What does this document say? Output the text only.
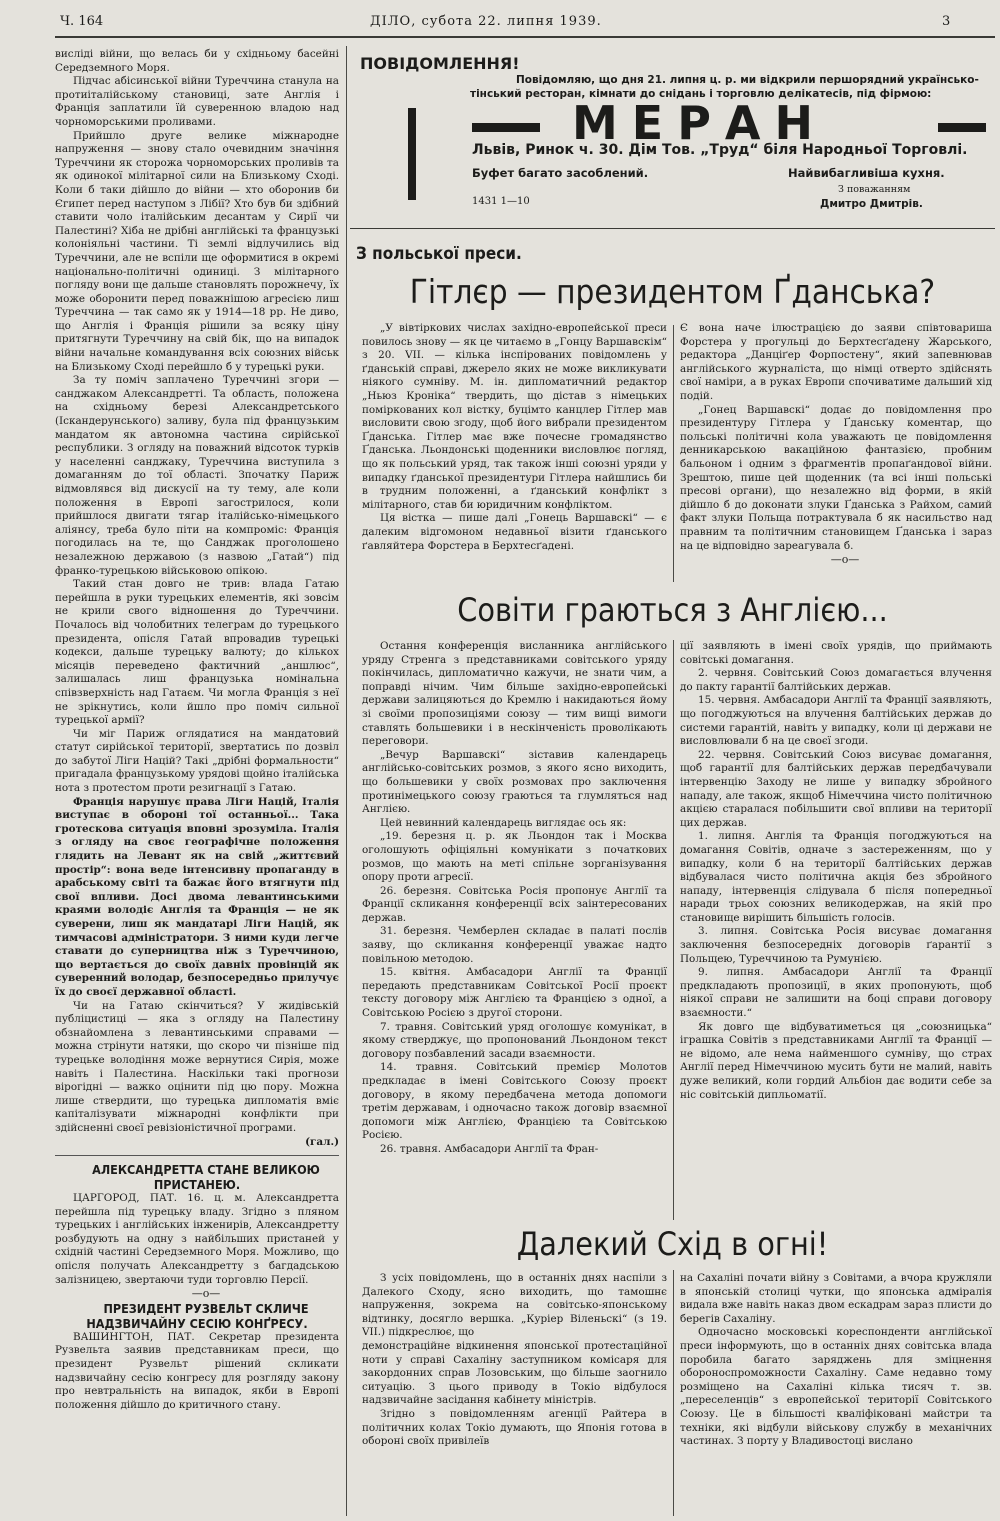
Ч. 164	ДІЛО, субота 22. липня 1939.	3

висліді війни, що велась би у східньому басейні Середземного Моря.

Підчас абісинської війни Туреччина станула на протиіталійському становиці, зате Англія і Франція заплатили їй суверенною владою над чорноморськими проливами.

Прийшло друге велике міжнародне напруження — знову стало очевидним значіння Туреччини як сторожа чорноморських проливів та як одинокої мілітарної сили на Близькому Сході. Коли б таки дійшло до війни — хто оборонив би Єгипет перед наступом з Лібії? Хто був би здібний ставити чоло італійським десантам у Сирії чи Палестині? Хіба не дрібні англійські та французькі колоніяльні частини. Ті землі відлучились від Туреччини, але не вспіли ще оформитися в окремі національно-політичні одиниці. З мілітарного погляду вони ще дальше становлять порожнечу, їх може оборонити перед поважнішою агресією лиш Туреччина — так само як у 1914—18 рр. Не диво, що Англія і Франція рішили за всяку ціну притягнути Туреччину на свій бік, що на випадок війни начальне командування всіх союзних військ на Близькому Сході перейшло б у турецькі руки.

За ту поміч заплачено Туреччині згори — санджаком Александретті. Та область, положена на східньому березі Александретського (Іскандерунського) заливу, була під французьким мандатом як автономна частина сирійської республики. З огляду на поважний відсоток турків у населенні санджаку, Туреччина виступила з домаганням до тої області. Зпочатку Париж відмовлявся від дискусії на ту тему, але коли положення в Европі загострилося, коли прийшлося двигати тягар італійсько-німецького аліянсу, треба було піти на компроміс: Франція погодилась на те, що Санджак проголошено незалежною державою (з назвою „Гатай“) під франко-турецькою військовою опікою.

Такий стан довго не трив: влада Гатаю перейшла в руки турецьких елементів, які зовсім не крили свого відношення до Туреччини. Почалось від чолобитних телеграм до турецького президента, опісля Гатай впровадив турецькі кодекси, дальше турецьку валюту; до кількох місяців переведено фактичний „аншлюс“, залишалась лиш французька номінальна співзверхність над Гатаєм. Чи могла Франція з неї не зрікнутись, коли йшло про поміч сильної турецької армії?

Чи міг Париж оглядатися на мандатовий статут сирійської території, звертатись по дозвіл до забутої Ліги Націй? Такі „дрібні формальности“ пригадала французькому урядові щойно італійська нота з протестом проти резигнації з Гатаю.

Франція нарушує права Ліги Націй, Італія виступає в обороні тої останньої... Така гротескова ситуація вповні зрозуміла. Італія з огляду на своє географічне положення глядить на Левант як на свій „життєвий простір“: вона веде інтенсивну пропаганду в арабському світі та бажає його втягнути під свої впливи. Досі двома левантинськими краями володіє Англія та Франція — не як суверени, лиш як мандатарі Ліги Націй, як тимчасові адміністратори. З ними куди легче ставати до суперництва ніж з Туреччиною, що вертається до своїх давніх провінцій як суверенний володар, безпосередньо прилучує їх до своєї державної області.

Чи на Гатаю скінчиться? У жидівській публіцистиці — яка з огляду на Палестину обзнайомлена з левантинськими справами — можна стрінути натяки, що скоро чи пізніше під турецьке володіння може вернутися Сирія, може навіть і Палестина. Наскільки такі прогнози вірогідні — важко оцінити під цю пору. Можна лише ствердити, що турецька дипломатія вміє капіталізувати міжнародні конфлікти при здійсненні своєї ревізіоністичної програми.

(гал.)

АЛЕКСАНДРЕТТА СТАНЕ ВЕЛИКОЮ ПРИСТАНЕЮ.

ЦАРГОРОД, ПАТ. 16. ц. м. Александретта перейшла під турецьку владу. Згідно з пляном турецьких і англійських інженирів, Александретту розбудують на одну з найбільших пристаней у східній частині Середземного Моря. Можливо, що опісля получать Александретту з багдадською залізницею, звертаючи туди торговлю Персії.

—о—

ПРЕЗИДЕНТ РУЗВЕЛЬТ СКЛИЧЕ НАДЗВИЧАЙНУ СЕСІЮ КОНҐРЕСУ.

ВАШИНГТОН, ПАТ. Секретар президента Рузвельта заявив представникам преси, що президент Рузвельт рішений скликати надзвичайну сесію конгресу для розгляду закону про невтральність на випадок, якби в Европі положення дійшло до критичного стану.

ПОВІДОМЛЕННЯ!
Повідомляю, що дня 21. липня ц. р. ми відкрили першорядний українсько-
тінський ресторан, кімнати до снідань і торговлю делікатесів, під фірмою:
МЕРАН
Львів, Ринок ч. 30. Дім Тов. „Труд“ біля Народньої Торговлі.
Буфет багато засоблений.	Найвибагливіша кухня.
1431 1—10
З поважанням
Дмитро Дмитрів.
З польської преси.
Гітлєр — президентом Ґданська?

„У вівтіркових числах західно-европейської преси повилось знову — як це читаємо в „Гонцу Варшавскім“ з 20. VII. — кілька інспірованих повідомлень у ґданській справі, джерело яких не може викликувати ніякого сумніву. М. ін. дипломатичний редактор „Ньюз Кроніка“ твердить, що дістав з німецьких поміркованих кол вістку, буцімто канцлер Гітлер мав висловити свою згоду, щоб його вибрали президентом Ґданська. Гітлер має вже почесне громадянство Ґданська. Льондонські щоденники висловлює погляд, що як польський уряд, так також інші союзні уряди у випадку ґданської президентури Гітлера найшлись би в трудним положенні, а ґданський конфлікт з мілітарного, став би юридичним конфліктом.

Ця вістка — пише далі „Гонець Варшавскі“ — є далеким відгомоном недавньої візити ґданського ґавляйтера Форстера в Берхтесґадені.

Є вона наче ілюстрацією до заяви співтовариша Форстера у прогульці до Берхтесґадену Жарського, редактора „Данціґер Форпостену“, який запевнював англійського журналіста, що німці отверто здійснять свої наміри, а в руках Европи спочиватиме дальший хід подій.

„Гонец Варшавскі“ додає до повідомлення про президентуру Гітлера у Ґданську коментар, що польські політичні кола уважають це повідомлення денникарською вакаційною фантазією, пробним бальоном і одним з фрагментів пропаґандової війни. Зрештою, пише цей щоденник (та всі інші польські пресові органи), що незалежно від форми, в якій дійшло б до доконати злуки Ґданська з Райхом, самий факт злуки Польща потрактувала б як насильство над правним та політичним становищем Ґданська і зараз на це відповідно зареагувала б.

—о—

Совіти граються з Англією...

Остання конференція висланника англійського уряду Стренга з представниками совітського уряду покінчилась, дипломатично кажучи, не знати чим, а поправді нічим. Чим більше західно-европейські держави залицяються до Кремлю і накидаються йому зі своїми пропозиціями союзу — тим вищі вимоги ставлять большевики і в нескінченість проволікають переговори.

„Вечур Варшавскі“ зіставив календарець англійсько-совітських розмов, з якого ясно виходить, що большевики у своїх розмовах про заключення протинімецького союзу граються та глумляться над Англією.

Цей невинний календарець виглядає ось як:

„19. березня ц. р. як Льондон так і Москва оголошують офіціяльні комунікати з початкових розмов, що мають на меті спільне зорганізування опору проти агресії.

26. березня. Совітська Росія пропонує Англії та Франції скликання конференції всіх заінтересованих держав.

31. березня. Чемберлен складає в палаті послів заяву, що скликання конференції уважає надто повільною методою.

15. квітня. Амбасадори Англії та Франції передають представникам Совітської Росії проєкт тексту договору між Англією та Францією з одної, а Совітською Росією з другої сторони.

7. травня. Совітський уряд оголошує комунікат, в якому стверджує, що пропонований Льондоном текст договору позбавлений засади взаємности.

14. травня. Совітський премієр Молотов предкладає в імені Совітського Союзу проєкт договору, в якому передбачена метода допомоги третім державам, і одночасно також договір взаємної допомоги між Англією, Францією та Совітською Росією.

26. травня. Амбасадори Англії та Фран-

ції заявляють в імені своїх урядів, що приймають совітські домагання.

2. червня. Совітський Союз домагається влучення до пакту гарантії балтійських держав.

15. червня. Амбасадори Англії та Франції заявляють, що погоджуються на влучення балтійських держав до системи гарантій, навіть у випадку, коли ці держави не висловлювали б на це своєї згоди.

22. червня. Совітський Союз висуває домагання, щоб гарантії для балтійських держав передбачували інтервенцію Заходу не лише у випадку збройного нападу, але також, якщоб Німеччина чисто політичною акцією старалася побільшити свої впливи на території цих держав.

1. липня. Англія та Франція погоджуються на домагання Совітів, одначе з застереженням, що у випадку, коли б на території балтійських держав відбувалася чисто політична акція без збройного нападу, інтервенція слідувала б після попередньої наради трьох союзних великодержав, на якій про становище вирішить більшість голосів.

3. липня. Совітська Росія висуває домагання заключення безпосередніх договорів ґарантії з Польщею, Туреччиною та Румунією.

9. липня. Амбасадори Англії та Франції предкладають пропозиції, в яких пропонують, щоб ніякої справи не залишити на боці справи договору взаємности.“

Як довго ще відбуватиметься ця „союзницька“ іграшка Совітів з представниками Англії та Франції — не відомо, але нема найменшого сумніву, що страх Англії перед Німеччиною мусить бути не малий, навіть дуже великий, коли гордий Альбіон дає водити себе за ніс совітській дипльоматії.

Далекий Схід в огні!

З усіх повідомлень, що в останніх днях наспіли з Далекого Сходу, ясно виходить, що тамошнє напруження, зокрема на совітсько-японському відтинку, досягло вершка. „Куріер Віленьскі“ (з 19. VII.) підкреслює, що

демонстраційне відкинення японської протестаційної ноти у справі Сахаліну заступником комісаря для закордонних справ Лозовським, що більше заогнило ситуацію. З цього приводу в Токіо відбулося надзвичайне засідання кабінету міністрів.

Згідно з повідомленням агенції Райтера в політичних колах Токіо думають, що Японія готова в обороні своїх привілеїв

на Сахаліні почати війну з Совітами, а вчора кружляли в японській столиці чутки, що японська адміралія видала вже навіть наказ двом ескадрам зараз плисти до берегів Сахаліну.

Одночасно московські кореспонденти англійської преси інформують, що в останніх днях совітська влада поробила багато заряджень для зміцнення обороноспроможности Сахаліну. Саме недавно тому розміщено на Сахаліні кілька тисяч т. зв. „переселенців“ з европейської території Совітського Союзу. Це в більшості кваліфіковані майстри та техніки, які відбули військову службу в механічних частинах. З порту у Владивостоці вислано
